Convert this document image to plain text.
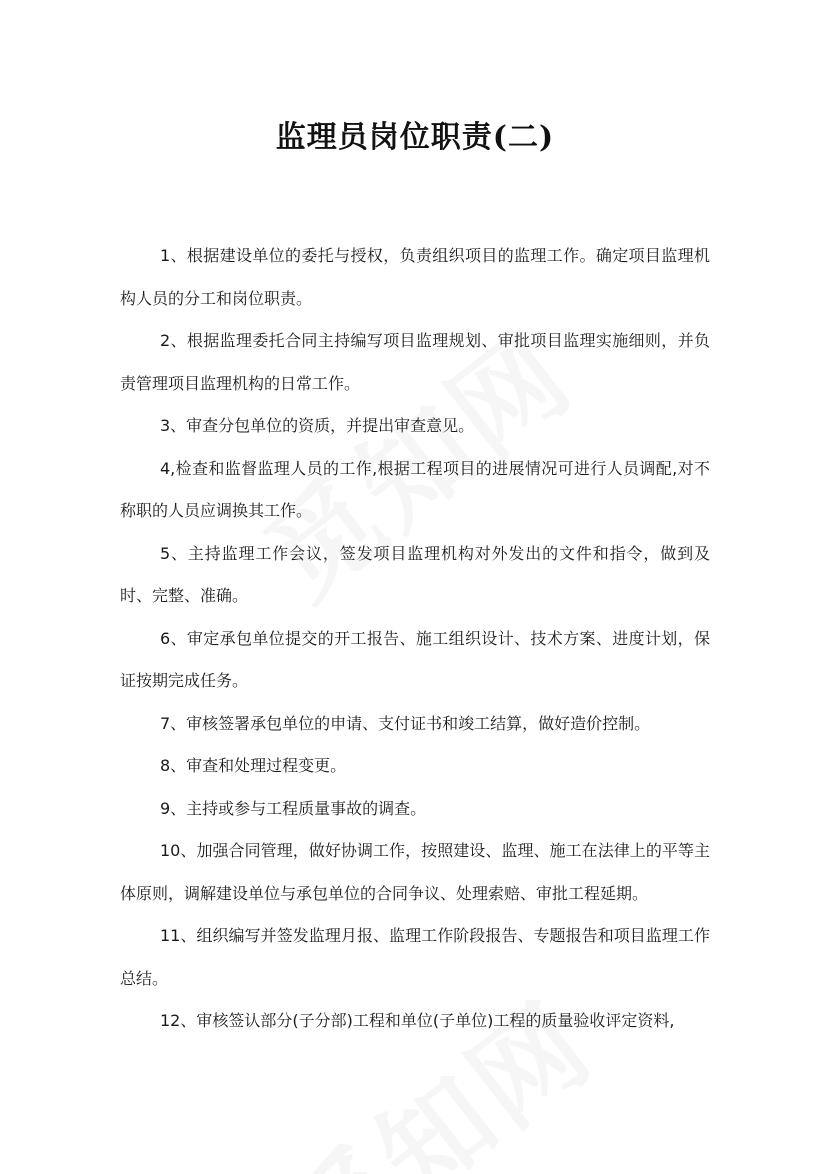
监理员岗位职责(二)

1、根据建设单位的委托与授权，负责组织项目的监理工作。确定项目监理机构人员的分工和岗位职责。

2、根据监理委托合同主持编写项目监理规划、审批项目监理实施细则，并负责管理项目监理机构的日常工作。

3、审查分包单位的资质，并提出审查意见。

4,检查和监督监理人员的工作,根据工程项目的进展情况可进行人员调配,对不称职的人员应调换其工作。

5、主持监理工作会议，签发项目监理机构对外发出的文件和指令，做到及时、完整、准确。

6、审定承包单位提交的开工报告、施工组织设计、技术方案、进度计划，保证按期完成任务。

7、审核签署承包单位的申请、支付证书和竣工结算，做好造价控制。

8、审查和处理过程变更。

9、主持或参与工程质量事故的调查。

10、加强合同管理，做好协调工作，按照建设、监理、施工在法律上的平等主体原则，调解建设单位与承包单位的合同争议、处理索赔、审批工程延期。

11、组织编写并签发监理月报、监理工作阶段报告、专题报告和项目监理工作总结。

12、审核签认部分(子分部)工程和单位(子单位)工程的质量验收评定资料,
